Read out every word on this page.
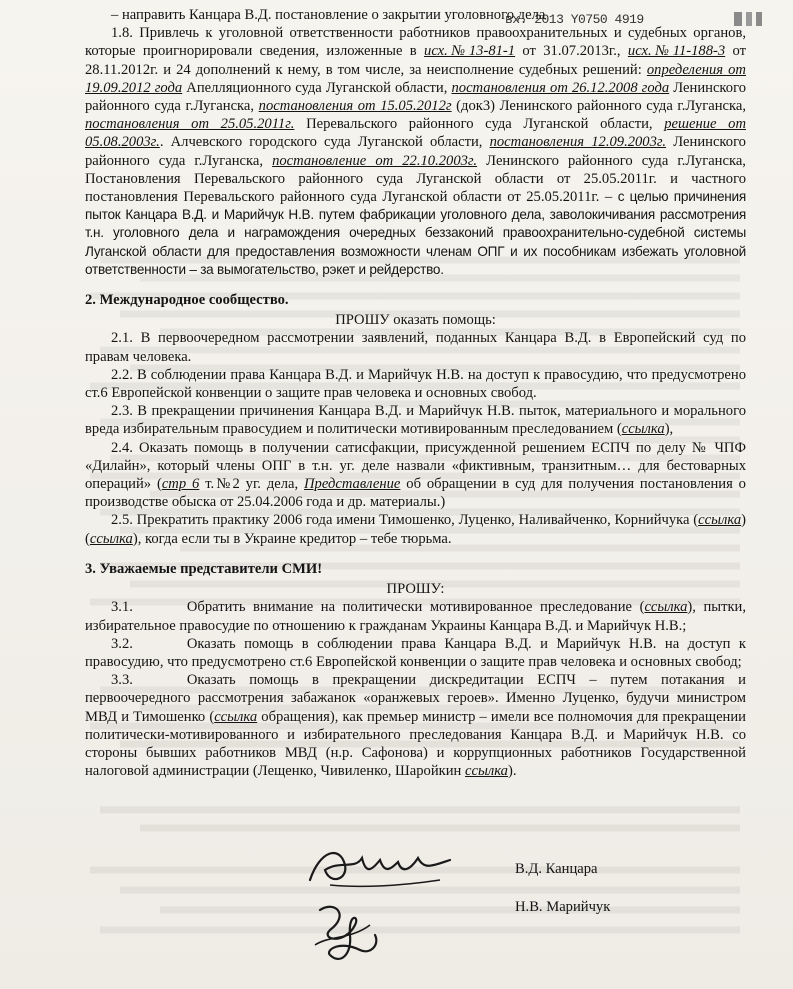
вх. 2013 Y0750 4919

– направить Канцара В.Д. постановление о закрытии уголовного дела

1.8. Привлечь к уголовной ответственности работников правоохранительных и судебных органов, которые проигнорировали сведения, изложенные в исх.№13-81-1 от 31.07.2013г., исх.№11-188-3 от 28.11.2012г. и 24 дополнений к нему, в том числе, за неисполнение судебных решений: определения от 19.09.2012 года Апелляционного суда Луганской области, постановления от 26.12.2008 года Ленинского районного суда г.Луганска, постановления от 15.05.2012г (док3) Ленинского районного суда г.Луганска, постановления от 25.05.2011г. Перевальского районного суда Луганской области, решение от 05.08.2003г.. Алчевского городского суда Луганской области, постановления 12.09.2003г. Ленинского районного суда г.Луганска, постановление от 22.10.2003г. Ленинского районного суда г.Луганска, Постановления Перевальского районного суда Луганской области от 25.05.2011г. и частного постановления Перевальского районного суда Луганской области от 25.05.2011г. – с целью причинения пыток Канцара В.Д. и Марийчук Н.В. путем фабрикации уголовного дела, заволокичивания рассмотрения т.н. уголовного дела и награмождения очередных беззаконий правоохранительно-судебной системы Луганской области для предоставления возможности членам ОПГ и их пособникам избежать уголовной ответственности – за вымогательство, рэкет и рейдерство.

2. Международное сообщество.

ПРОШУ оказать помощь:

2.1. В первоочередном рассмотрении заявлений, поданных Канцара В.Д. в Европейский суд по правам человека.

2.2. В соблюдении права Канцара В.Д. и Марийчук Н.В. на доступ к правосудию, что предусмотрено ст.6 Европейской конвенции о защите прав человека и основных свобод.

2.3. В прекращении причинения Канцара В.Д. и Марийчук Н.В. пыток, материального и морального вреда избирательным правосудием и политически мотивированным преследованием (ссылка),

2.4. Оказать помощь в получении сатисфакции, присужденной решением ЕСПЧ по делу № ЧПФ «Дилайн», который члены ОПГ в т.н. уг. деле назвали «фиктивным, транзитным… для бестоварных операций» (стр 6 т.№2 уг. дела, Представление об обращении в суд для получения постановления о производстве обыска от 25.04.2006 года и др. материалы.)

2.5. Прекратить практику 2006 года имени Тимошенко, Луценко, Наливайченко, Корнийчука (ссылка) (ссылка), когда если ты в Украине кредитор – тебе тюрьма.

3. Уважаемые представители СМИ!

ПРОШУ:

3.1.	Обратить внимание на политически мотивированное преследование (ссылка), пытки, избирательное правосудие по отношению к гражданам Украины Канцара В.Д. и Марийчук Н.В.;

3.2.	Оказать помощь в соблюдении права Канцара В.Д. и Марийчук Н.В. на доступ к правосудию, что предусмотрено ст.6 Европейской конвенции о защите прав человека и основных свобод;

3.3.	Оказать помощь в прекращении дискредитации ЕСПЧ – путем потакания и первоочередного рассмотрения забажанок «оранжевых героев». Именно Луценко, будучи министром МВД и Тимошенко (ссылка обращения), как премьер министр – имели все полномочия для прекращении политически-мотивированного и избирательного преследования Канцара В.Д. и Марийчук Н.В. со стороны бывших работников МВД (н.р. Сафонова) и коррупционных работников Государственной налоговой администрации (Лещенко, Чивиленко, Шаройкин ссылка).

В.Д. Канцара
Н.В. Марийчук
